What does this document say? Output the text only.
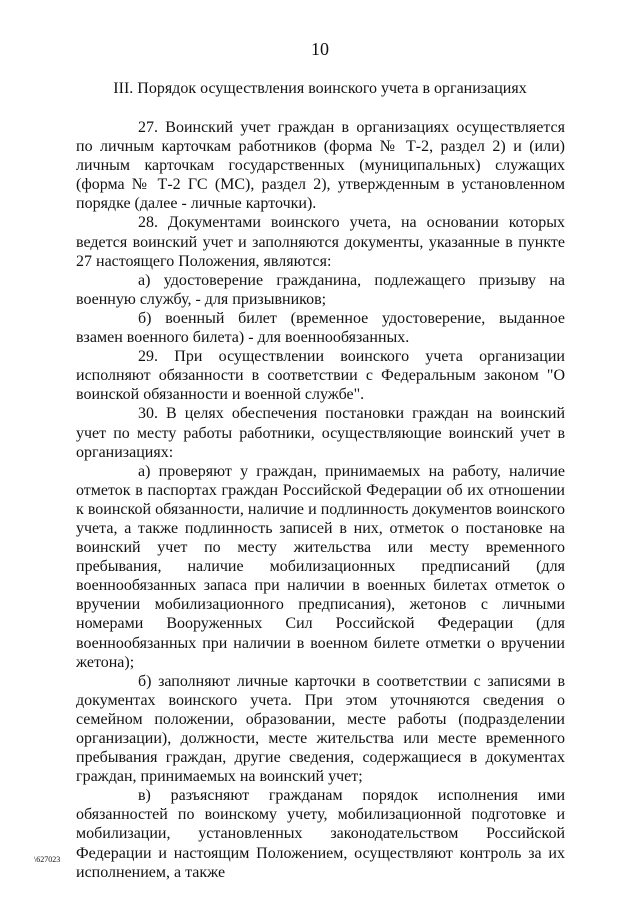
10
III. Порядок осуществления воинского учета в организациях

27. Воинский учет граждан в организациях осуществляется по личным карточкам работников (форма № Т-2, раздел 2) и (или) личным карточкам государственных (муниципальных) служащих (форма № Т-2 ГС (МС), раздел 2), утвержденным в установленном порядке (далее - личные карточки).

28. Документами воинского учета, на основании которых ведется воинский учет и заполняются документы, указанные в пункте 27 настоящего Положения, являются:

а) удостоверение гражданина, подлежащего призыву на военную службу, - для призывников;

б) военный билет (временное удостоверение, выданное взамен военного билета) - для военнообязанных.

29. При осуществлении воинского учета организации исполняют обязанности в соответствии с Федеральным законом "О воинской обязанности и военной службе".

30. В целях обеспечения постановки граждан на воинский учет по месту работы работники, осуществляющие воинский учет в организациях:

а) проверяют у граждан, принимаемых на работу, наличие отметок в паспортах граждан Российской Федерации об их отношении к воинской обязанности, наличие и подлинность документов воинского учета, а также подлинность записей в них, отметок о постановке на воинский учет по месту жительства или месту временного пребывания, наличие мобилизационных предписаний (для военнообязанных запаса при наличии в военных билетах отметок о вручении мобилизационного предписания), жетонов с личными номерами Вооруженных Сил Российской Федерации (для военнообязанных при наличии в военном билете отметки о вручении жетона);

б) заполняют личные карточки в соответствии с записями в документах воинского учета. При этом уточняются сведения о семейном положении, образовании, месте работы (подразделении организации), должности, месте жительства или месте временного пребывания граждан, другие сведения, содержащиеся в документах граждан, принимаемых на воинский учет;

в) разъясняют гражданам порядок исполнения ими обязанностей по воинскому учету, мобилизационной подготовке и мобилизации, установленных законодательством Российской Федерации и настоящим Положением, осуществляют контроль за их исполнением, а также

\627023
